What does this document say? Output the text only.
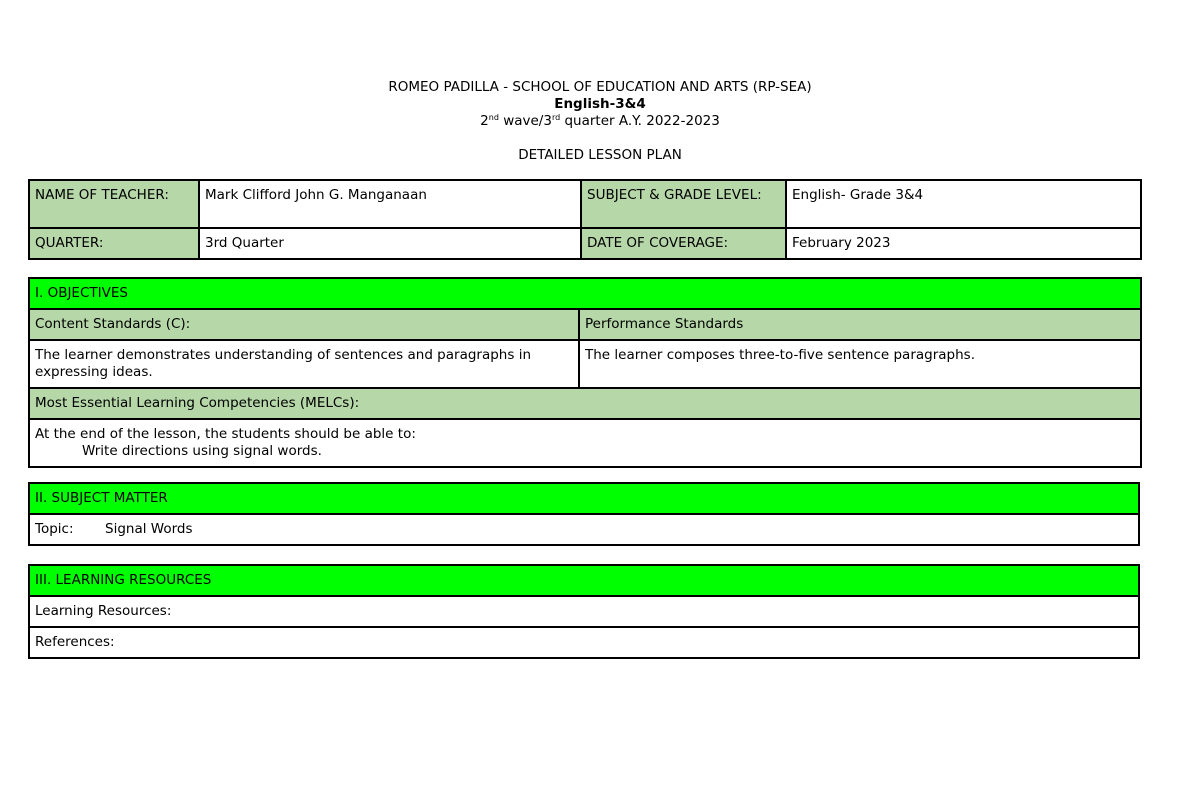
ROMEO PADILLA - SCHOOL OF EDUCATION AND ARTS (RP-SEA)
English-3&4
2nd wave/3rd quarter A.Y. 2022-2023
DETAILED LESSON PLAN
NAME OF TEACHER:	Mark Clifford John G. Manganaan	SUBJECT & GRADE LEVEL:	English- Grade 3&4
QUARTER:	3rd Quarter	DATE OF COVERAGE:	February 2023
I. OBJECTIVES	
Content Standards (C):	Performance Standards
The learner demonstrates understanding of sentences and paragraphs in expressing ideas.	The learner composes three-to-five sentence paragraphs.
Most Essential Learning Competencies (MELCs):	

At the end of the lesson, the students should be able to:
Write directions using signal words.	
II. SUBJECT MATTER
Topic: Signal Words
III. LEARNING RESOURCES
Learning Resources:
References:
